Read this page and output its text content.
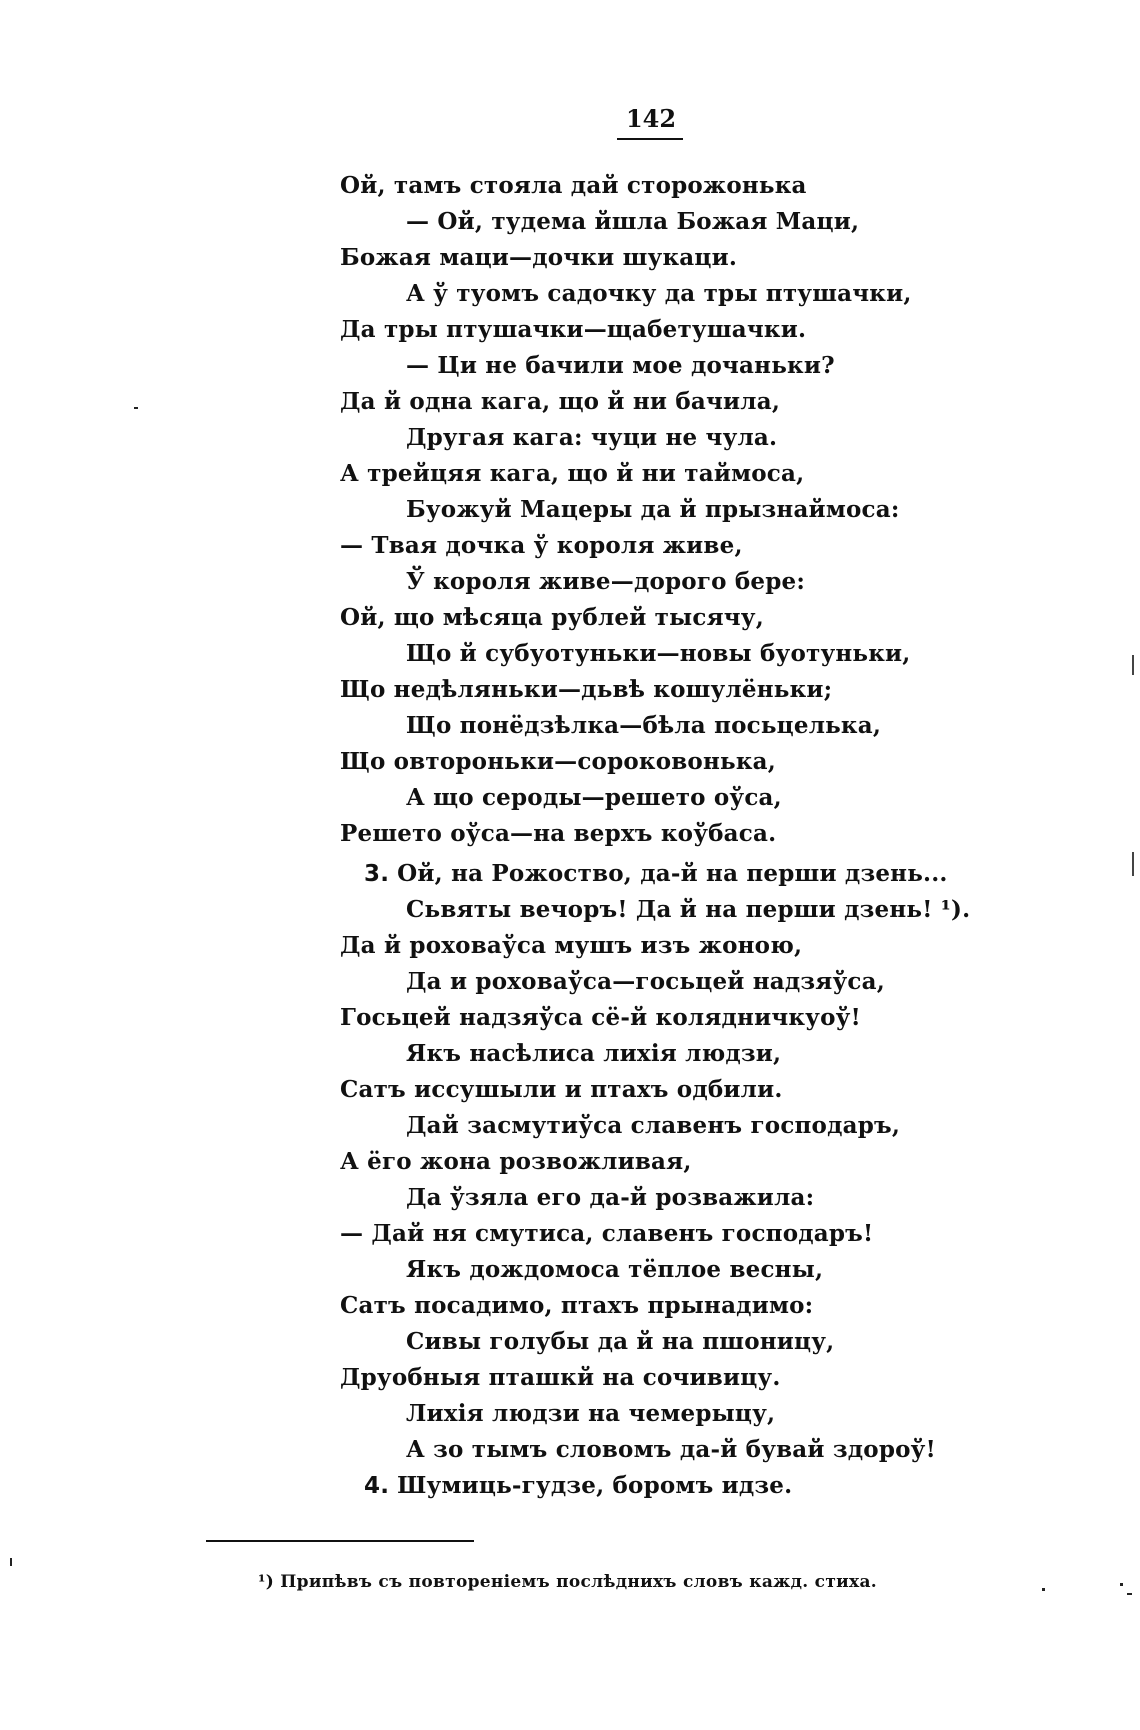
142
Ой, тамъ стояла дай сторожонька
— Ой, тудема йшла Божая Маци,
Божая маци—дочки шукаци.
А ў туомъ садочку да тры птушачки,
Да тры птушачки—щабетушачки.
— Ци не бачили мое дочаньки?
Да й одна кага, що й ни бачила,
Другая кага: чуци не чула.
А трейцяя кага, що й ни таймоса,
Буожуй Мацеры да й прызнаймоса:
— Твая дочка ў короля живе,
Ў короля живе—дорого бере:
Ой, що мѣсяца рублей тысячу,
Що й субуотуньки—новы буотуньки,
Що недѣляньки—дьвѣ кошулёньки;
Що понёдзѣлка—бѣла посьцелька,
Що овтороньки—сороковонька,
А що сероды—решето оўса,
Решето оўса—на верхъ коўбаса.
3. Ой, на Рожоство, да-й на перши дзень...
Сьвяты вечоръ! Да й на перши дзень! ¹).
Да й роховаўса мушъ изъ жоною,
Да и роховаўса—госьцей надзяўса,
Госьцей надзяўса сё-й колядничкуоў!
Якъ насѣлиса лихія людзи,
Сатъ иссушыли и птахъ одбили.
Дай засмутиўса славенъ господаръ,
А ёго жона розвожливая,
Да ўзяла его да-й розважила:
— Дай ня смутиса, славенъ господаръ!
Якъ дождомоса тёплое весны,
Сатъ посадимо, птахъ прынадимо:
Сивы голубы да й на пшоницу,
Друобныя пташкй на сочивицу.
Лихія людзи на чемерыцу,
А зо тымъ словомъ да-й бувай здороў!
4. Шумиць-гудзе, боромъ идзе.
¹) Припѣвъ съ повтореніемъ послѣднихъ словъ кажд. стиха.
